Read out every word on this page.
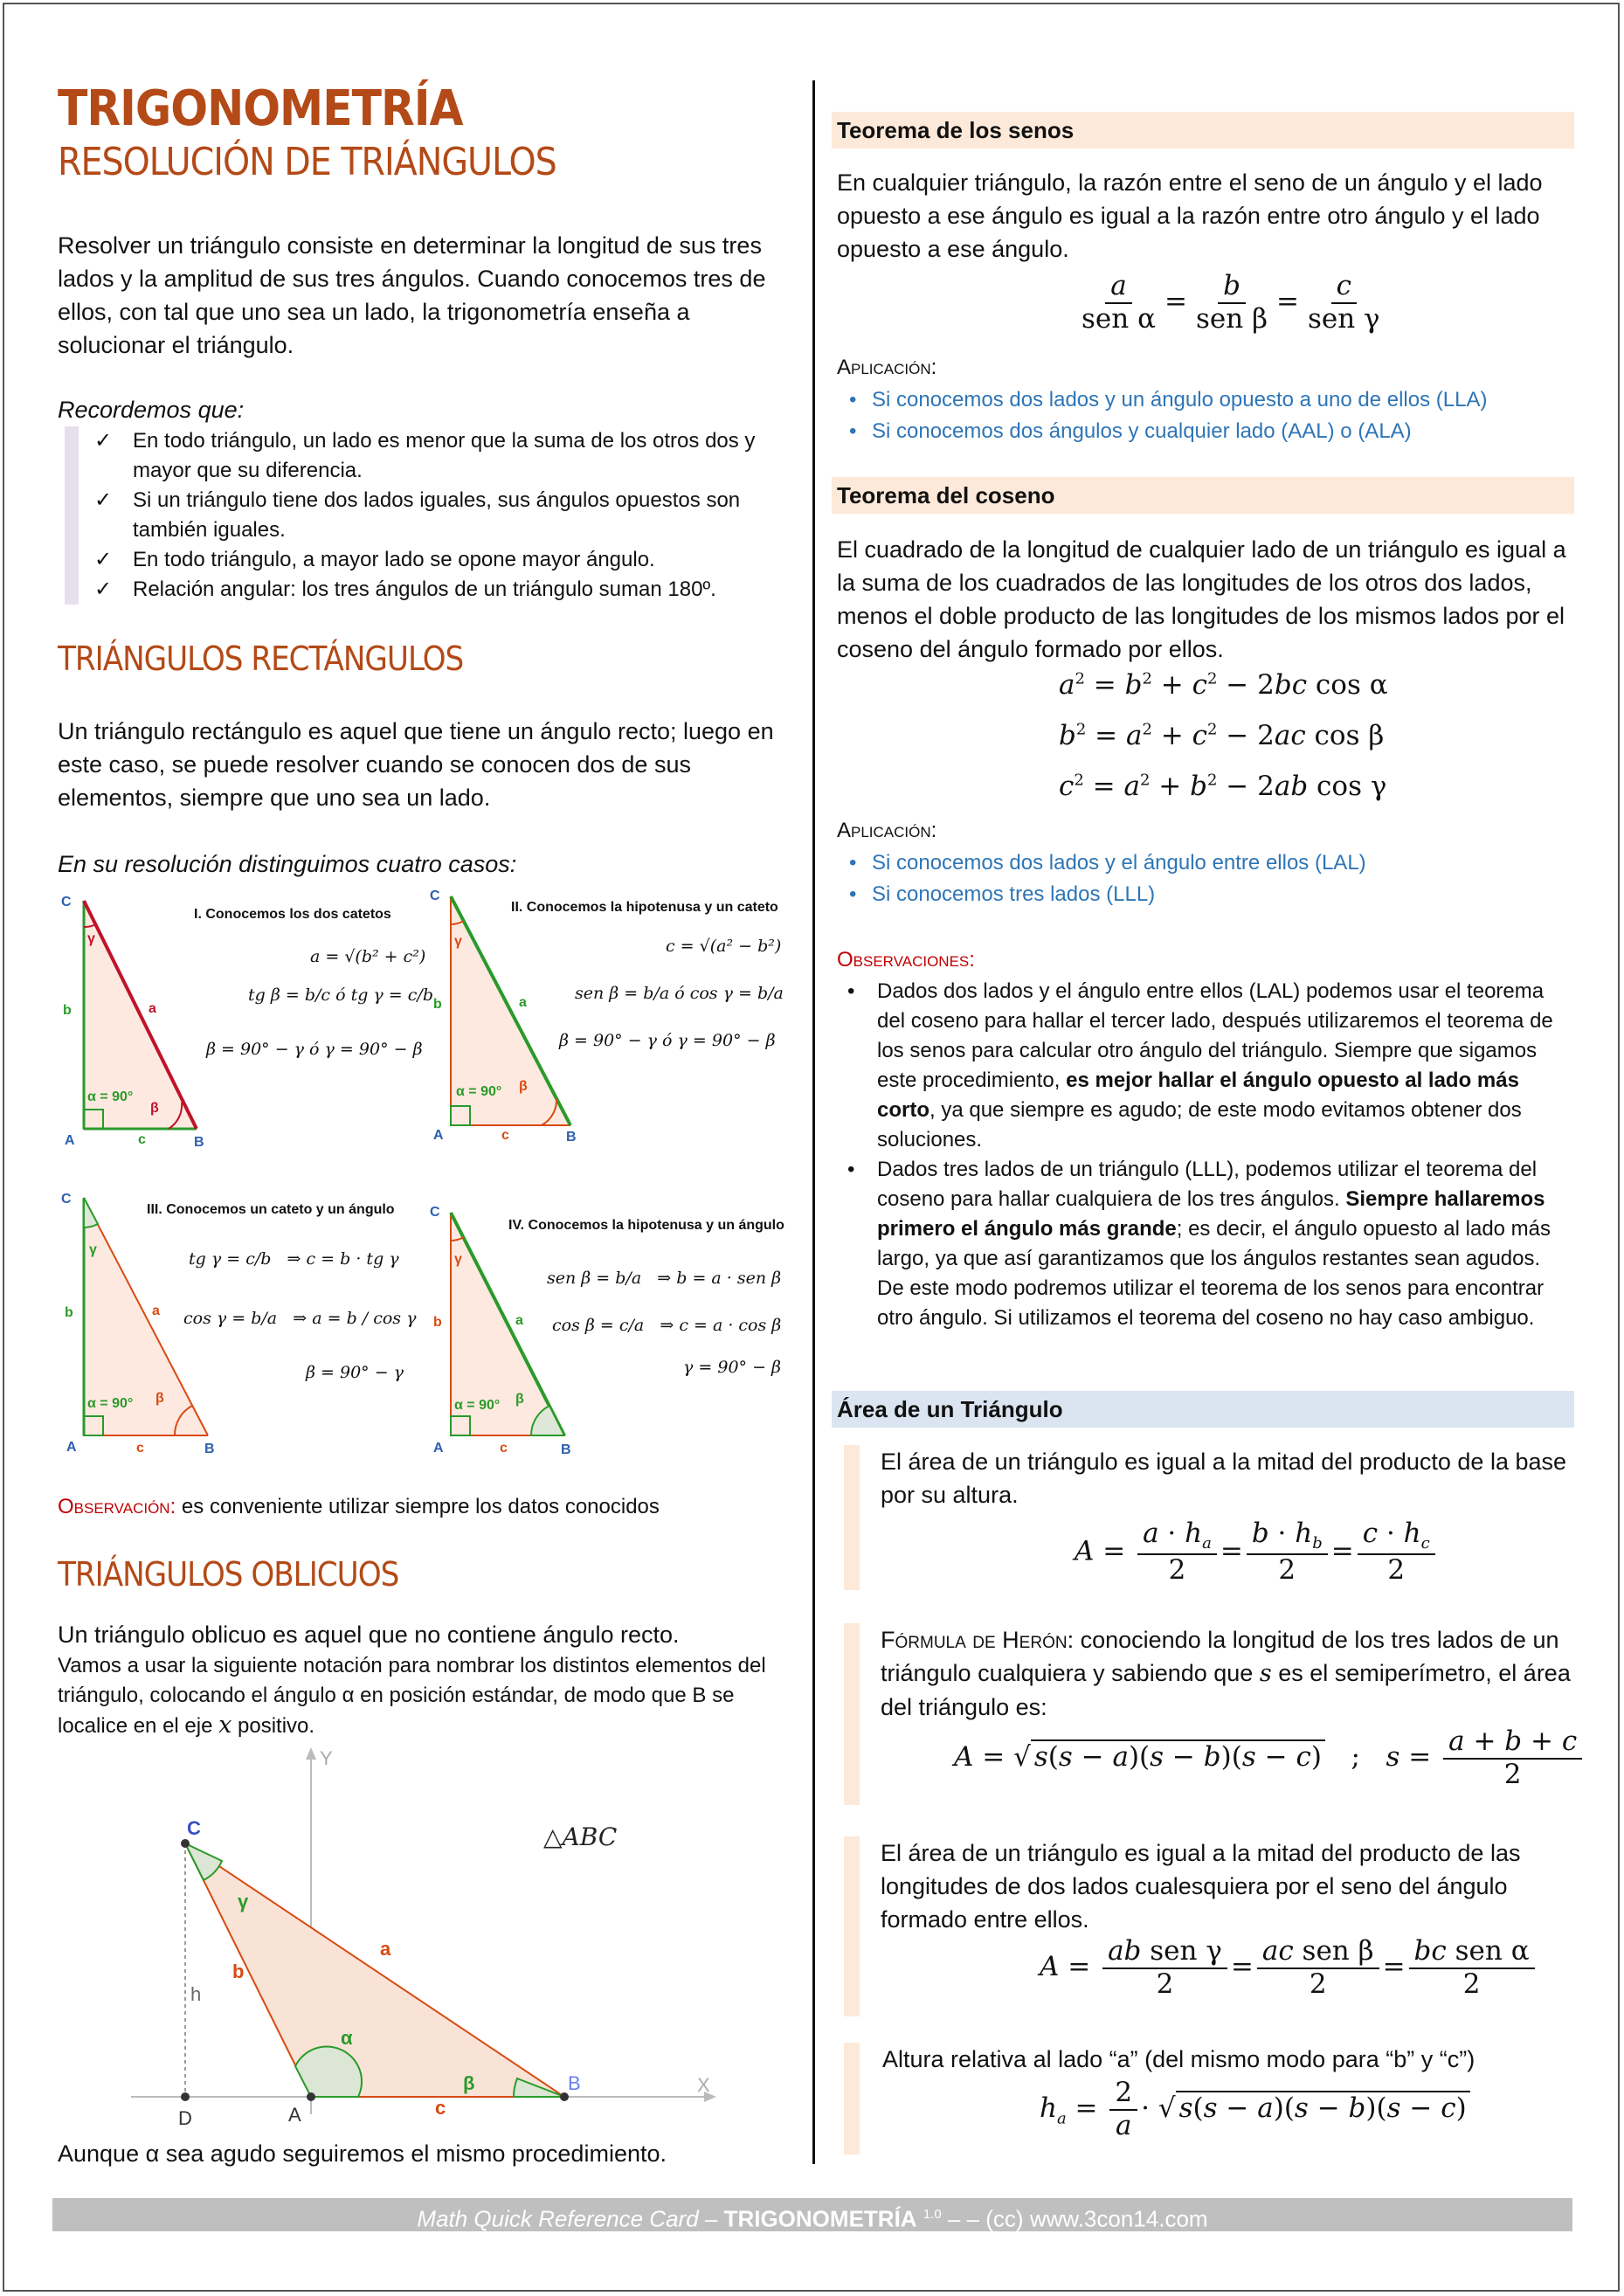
TRIGONOMETRÍA
RESOLUCIÓN DE TRIÁNGULOS
Resolver un triángulo consiste en determinar la longitud de sus tres lados y la amplitud de sus tres ángulos. Cuando conocemos tres de ellos, con tal que uno sea un lado, la trigonometría enseña a solucionar el triángulo.
Recordemos que:
✓ En todo triángulo, un lado es menor que la suma de los otros dos y mayor que su diferencia.
✓ Si un triángulo tiene dos lados iguales, sus ángulos opuestos son también iguales.
✓ En todo triángulo, a mayor lado se opone mayor ángulo.
✓ Relación angular: los tres ángulos de un triángulo suman 180º.
TRIÁNGULOS RECTÁNGULOS
Un triángulo rectángulo es aquel que tiene un ángulo recto; luego en este caso, se puede resolver cuando se conocen dos de sus elementos, siempre que uno sea un lado.
En su resolución distinguimos cuatro casos:
C
A	B
b
c
a
γ
β
α = 90°
I. Conocemos los dos catetos
a = √(b² + c²)
tg β = b/c ó tg γ = c/b
β = 90° − γ ó γ = 90° − β
C
A	B
b
c
a
γ
β
α = 90°
II. Conocemos la hipotenusa y un cateto
c = √(a² − b²)
sen β = b/a ó cos γ = b/a
β = 90° − γ ó γ = 90° − β
C
A	B
b
c
a
γ
β
α = 90°
III. Conocemos un cateto y un ángulo
tg γ = c/b ⇒ c = b · tg γ
cos γ = b/a ⇒ a = b / cos γ
β = 90° − γ
C
A	B
b
c
a
γ
β
α = 90°
IV. Conocemos la hipotenusa y un ángulo
sen β = b/a ⇒ b = a · sen β
cos β = c/a ⇒ c = a · cos β
γ = 90° − β
Observación: es conveniente utilizar siempre los datos conocidos
TRIÁNGULOS OBLICUOS
Un triángulo oblicuo es aquel que no contiene ángulo recto.
Vamos a usar la siguiente notación para nombrar los distintos elementos del triángulo, colocando el ángulo α en posición estándar, de modo que B se localice en el eje x positivo.
Y
X
C
A
B
D
a
b
c
h
α
β
γ
△ABC
Aunque α sea agudo seguiremos el mismo procedimiento.
Teorema de los senos
En cualquier triángulo, la razón entre el seno de un ángulo y el lado opuesto a ese ángulo es igual a la razón entre otro ángulo y el lado opuesto a ese ángulo.
$\frac{a}{\text{sen α}} = \frac{b}{\text{sen β}} = \frac{c}{\text{sen γ}}$
Aplicación:
• Si conocemos dos lados y un ángulo opuesto a uno de ellos (LLA)
• Si conocemos dos ángulos y cualquier lado (AAL) o (ALA)
Teorema del coseno
El cuadrado de la longitud de cualquier lado de un triángulo es igual a la suma de los cuadrados de las longitudes de los otros dos lados, menos el doble producto de las longitudes de los mismos lados por el coseno del ángulo formado por ellos.
$a^2 = b^2 + c^2 - 2bc$ cos α
$b^2 = a^2 + c^2 - 2ac$ cos β
$c^2 = a^2 + b^2 - 2ab$ cos γ
Aplicación:
• Si conocemos dos lados y el ángulo entre ellos (LAL)
• Si conocemos tres lados (LLL)
Observaciones:
• Dados dos lados y el ángulo entre ellos (LAL) podemos usar el teorema del coseno para hallar el tercer lado, después utilizaremos el teorema de los senos para calcular otro ángulo del triángulo. Siempre que sigamos este procedimiento, es mejor hallar el ángulo opuesto al lado más corto, ya que siempre es agudo; de este modo evitamos obtener dos soluciones.
• Dados tres lados de un triángulo (LLL), podemos utilizar el teorema del coseno para hallar cualquiera de los tres ángulos. Siempre hallaremos primero el ángulo más grande; es decir, el ángulo opuesto al lado más largo, ya que así garantizamos que los ángulos restantes sean agudos. De este modo podremos utilizar el teorema de los senos para encontrar otro ángulo. Si utilizamos el teorema del coseno no hay caso ambiguo.
Área de un Triángulo
El área de un triángulo es igual a la mitad del producto de la base por su altura.
$A = \frac{a \cdot h_a}{2} = \frac{b \cdot h_b}{2} = \frac{c \cdot h_c}{2}$
Fórmula de Herón: conociendo la longitud de los tres lados de un triángulo cualquiera y sabiendo que s es el semiperímetro, el área del triángulo es:
A = √ s(s − a)(s − b)(s − c)   ;   $s = \frac{a + b + c}{2}$
El área de un triángulo es igual a la mitad del producto de las longitudes de dos lados cualesquiera por el seno del ángulo formado entre ellos.
$A = \frac{\text{ab sen γ}}{2} = \frac{\text{ac sen β}}{2} = \frac{\text{bc sen α}}{2}$
Altura relativa al lado “a” (del mismo modo para “b” y “c”)
$h_a = \frac{2}{a}$ · √ s(s − a)(s − b)(s − c)
Math Quick Reference Card – TRIGONOMETRÍA $^{1.0}$ – – (cc) www.3con14.com
